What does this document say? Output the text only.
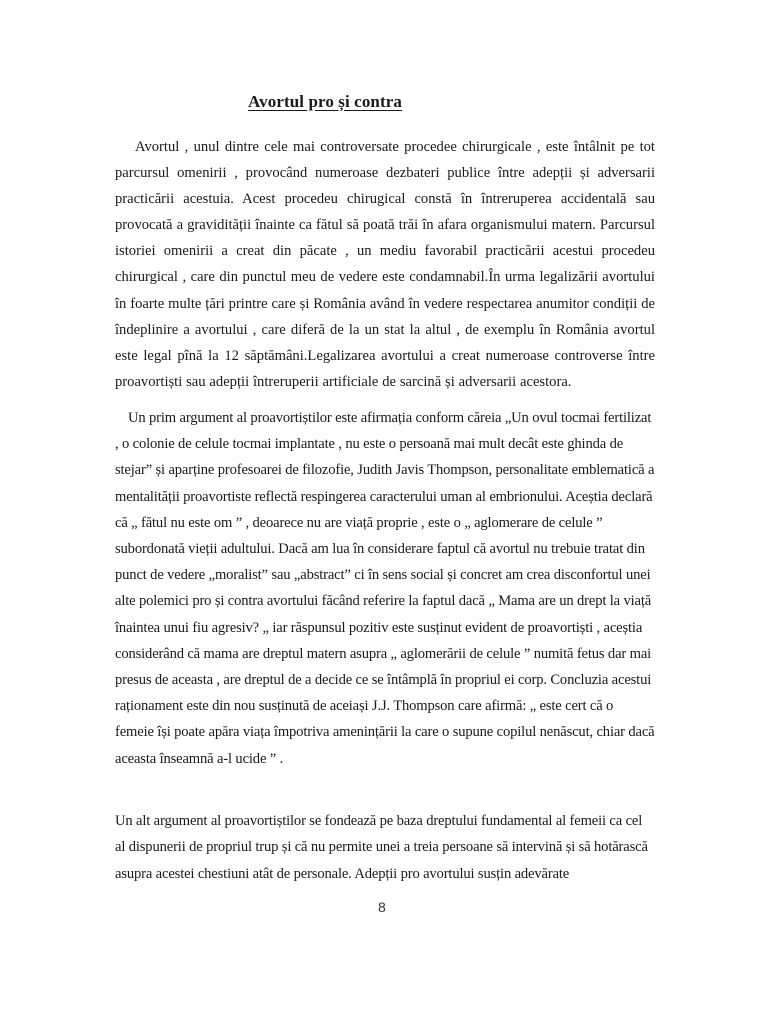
Avortul pro și contra

Avortul , unul dintre cele mai controversate procedee chirurgicale , este întâlnit pe tot parcursul omenirii , provocând numeroase dezbateri publice între adepții și adversarii practicării acestuia. Acest procedeu chirugical constă în întreruperea accidentală sau provocată a gravidității înainte ca fătul să poată trăi în afara organismului matern. Parcursul istoriei omenirii a creat din păcate , un mediu favorabil practicării acestui procedeu chirurgical , care din punctul meu de vedere este condamnabil.În urma legalizării avortului în foarte multe țări printre care și România având în vedere respectarea anumitor condiții de îndeplinire a avortului , care diferă de la un stat la altul , de exemplu în România avortul este legal pînă la 12 săptămâni.Legalizarea avortului a creat numeroase controverse între proavortiști sau adepții întreruperii artificiale de sarcină și adversarii acestora.

Un prim argument al proavortiștilor este afirmația conform căreia „Un ovul tocmai fertilizat , o colonie de celule tocmai implantate , nu este o persoană mai mult decât este ghinda de stejar” și aparține profesoarei de filozofie, Judith Javis Thompson, personalitate emblematică a mentalității proavortiste reflectă respingerea caracterului uman al embrionului. Aceștia declară că „ fătul nu este om ” , deoarece nu are viață proprie , este o „ aglomerare de celule ” subordonată vieții adultului. Dacă am lua în considerare faptul că avortul nu trebuie tratat din punct de vedere „moralist” sau „abstract” ci în sens social și concret am crea disconfortul unei alte polemici pro și contra avortului făcând referire la faptul dacă „ Mama are un drept la viață înaintea unui fiu agresiv? „ iar răspunsul pozitiv este susținut evident de proavortiști , aceștia considerând că mama are dreptul matern asupra „ aglomerării de celule ” numită fetus dar mai presus de aceasta , are dreptul de a decide ce se întâmplă în propriul ei corp. Concluzia acestui raționament este din nou susținută de aceiași J.J. Thompson care afirmă: „ este cert că o femeie își poate apăra viața împotriva amenințării la care o supune copilul nenăscut, chiar dacă aceasta înseamnă a-l ucide ” .

Un alt argument al proavortiștilor se fondează pe baza dreptului fundamental al femeii ca cel al dispunerii de propriul trup și că nu permite unei a treia persoane să intervină și să hotărască asupra acestei chestiuni atât de personale. Adepții pro avortului susțin adevărate

8
